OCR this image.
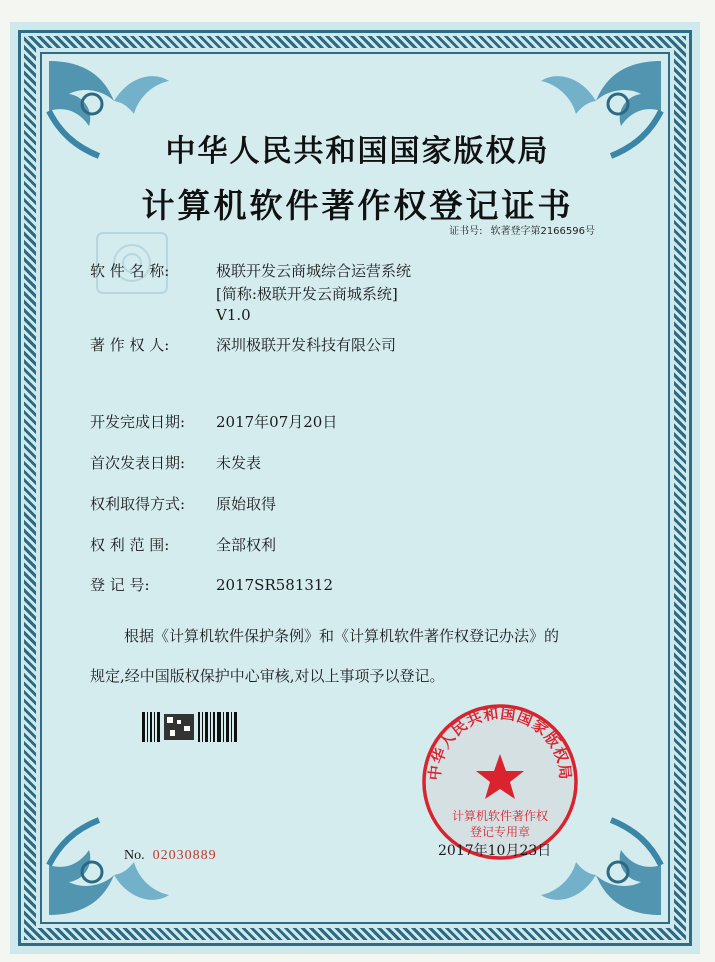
中华人民共和国国家版权局
计算机软件著作权登记证书
证书号: 软著登字第2166596号
软 件 名 称:	极联开发云商城综合运营系统
[简称:极联开发云商城系统]
V1.0
著 作 权 人:	深圳极联开发科技有限公司
开发完成日期: 2017年07月20日
首次发表日期: 未发表
权利取得方式: 原始取得
权 利 范 围:	全部权利
登 记 号:	2017SR581312
根据《计算机软件保护条例》和《计算机软件著作权登记办法》的
规定,经中国版权保护中心审核,对以上事项予以登记。
No. 02030889
中华人民共和国国家版权局
计算机软件著作权
登记专用章
2017年10月23日
